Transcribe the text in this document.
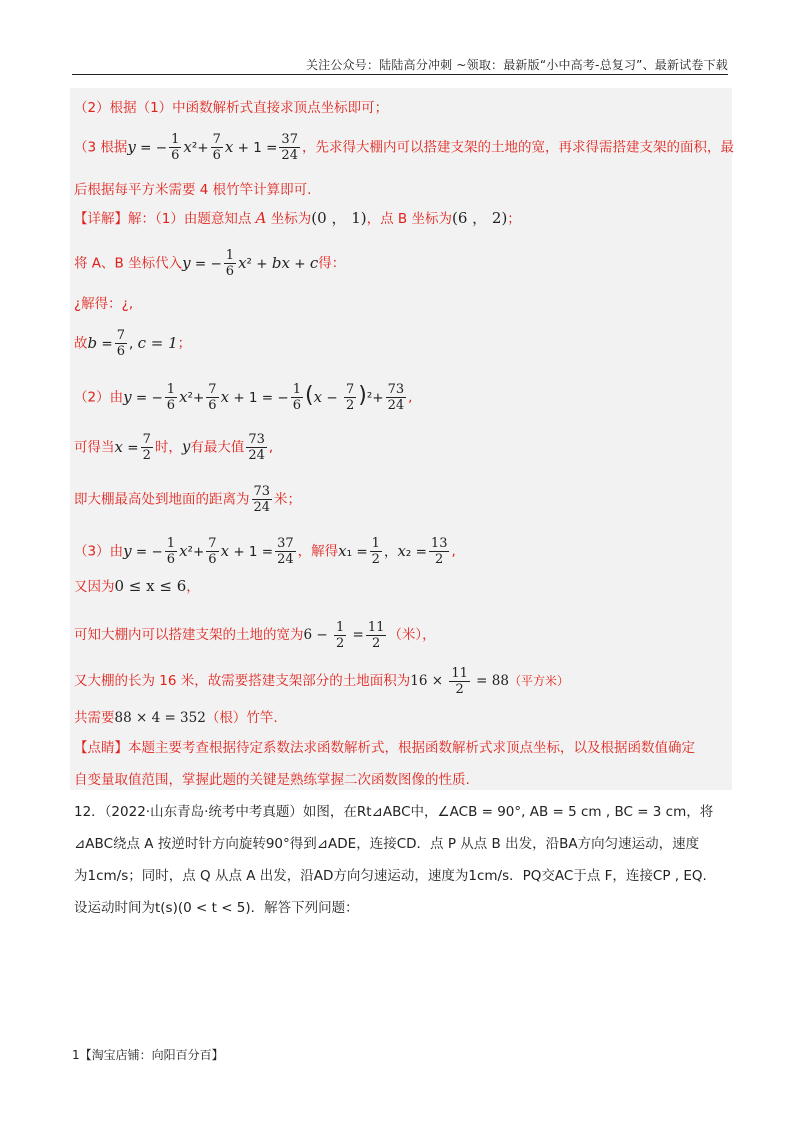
关注公众号：陆陆高分冲刺 ~领取：最新版“小中高考-总复习”、最新试卷下载
（2）根据（1）中函数解析式直接求顶点坐标即可；
（3 根据y = − $\frac{1}{6} x^2+ \frac{7}{6}$ $x + 1 = \frac{37}{24}$ ，先求得大棚内可以搭建支架的土地的宽，再求得需搭建支架的面积，最
后根据每平方米需要 4 根竹竿计算即可.
【详解】解：（1）由题意知点 A 坐标为(0 ， 1)，点 B 坐标为(6 ， 2)；
将 A、B 坐标代入y = − $\frac{1}{6} x^2$ + bx + c得：
¿解得：¿,
故$b = \frac{7}{6}$ , c = 1；
（2）由y = − $\frac{1}{6} x^2+ \frac{7}{6}$ x + 1 = − $\frac{1}{6} (x - \frac{7}{2} )^2+ \frac{73}{24}$ ,
可得当$x = \frac{7}{2}$ 时，y有最大值 $\frac{73}{24}$ ,
即大棚最高处到地面的距离为 $\frac{73}{24}$ 米；
（3）由y = − $\frac{1}{6} x^2+ \frac{7}{6}$ $x + 1 = \frac{37}{24}$ ，解得$x_1 = \frac{1}{2}$ ，$x_2 = \frac{13}{2}$ ,
又因为0 ≤ x ≤ 6，
可知大棚内可以搭建支架的土地的宽为$6 - \frac{1}{2} = \frac{11}{2}$ （米），
又大棚的长为 16 米，故需要搭建支架部分的土地面积为$16 \times \frac{11}{2} = 88$（平方米）
共需要88 × 4 = 352（根）竹竿.
【点睛】本题主要考查根据待定系数法求函数解析式，根据函数解析式求顶点坐标，以及根据函数值确定
自变量取值范围，掌握此题的关键是熟练掌握二次函数图像的性质.
12．（2022·山东青岛·统考中考真题）如图，在Rt⊿ABC中，∠ACB = 90°, AB = 5 cm , BC = 3 cm，将
⊿ABC绕点 A 按逆时针方向旋转90°得到⊿ADE，连接CD．点 P 从点 B 出发，沿BA方向匀速运动，速度
为1cm/s；同时，点 Q 从点 A 出发，沿AD方向匀速运动，速度为1cm/s．PQ交AC于点 F，连接CP , EQ.
设运动时间为t(s)(0 < t < 5)．解答下列问题：
1【淘宝店铺：向阳百分百】
